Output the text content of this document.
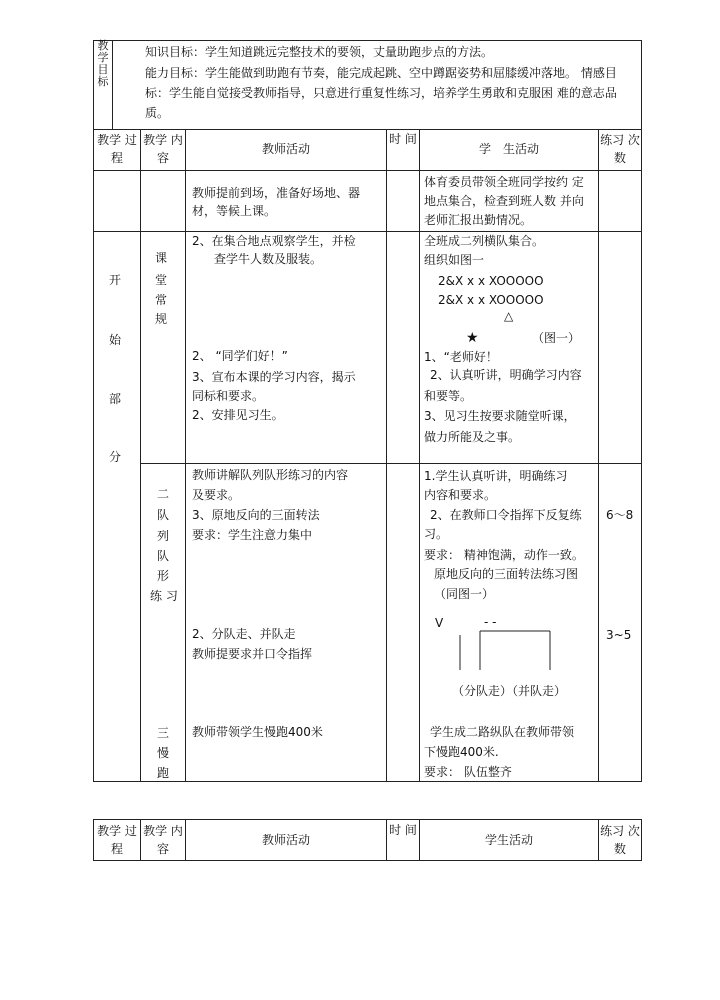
教
学
目
标
知识目标：学生知道跳远完整技术的要领，丈量助跑步点的方法。
能力目标：学生能做到助跑有节奏，能完成起跳、空中蹲踞姿势和屈膝缓冲落地。 情感目
标：学生能自觉接受教师指导，只意进行重复性练习，培养学生勇敢和克服困 难的意志品
质。
教学 过
程
教学 内
容
教师活动
时 间
学　生活动
练习 次
数
教师提前到场，准备好场地、器
材，等候上课。
体育委员带领全班同学按约 定
地点集合，检查到班人数 并向
老师汇报出勤情况。
开
始
部
分
课
堂
常
规
2、在集合地点观察学生，并检
查学牛人数及服装。
2、 “同学们好！”
3、宣布本课的学习内容，揭示
同标和要求。
2、安排见习生。
全班成二列横队集合。
组织如图一
2&X x x XOOOOO
2&X x x XOOOOO
△
★	（图一）
1、“老师好！
2、认真听讲，明确学习内容
和要等。
3、见习生按要求随堂听课，
做力所能及之事。
二
队
列
队
形
练 习
三
慢
跑
教师讲解队列队形练习的内容
及要求。
3、原地反向的三面转法
要求：学生注意力集中
2、分队走、并队走
教师提要求并口令指挥
教师带领学生慢跑400米
1.学生认真听讲，明确练习
内容和要求。
2、在教师口令指挥下反复练
习。
要求： 精神饱满，动作一致。
原地反向的三面转法练习图
（同图一）
V	- -
（分队走）（并队走）
学生成二路纵队在教师带领
下慢跑400米.
要求： 队伍整齐
6〜8
3~5
教学 过
程
教学 内
容
教师活动
时 间
学生活动
练习 次
数
